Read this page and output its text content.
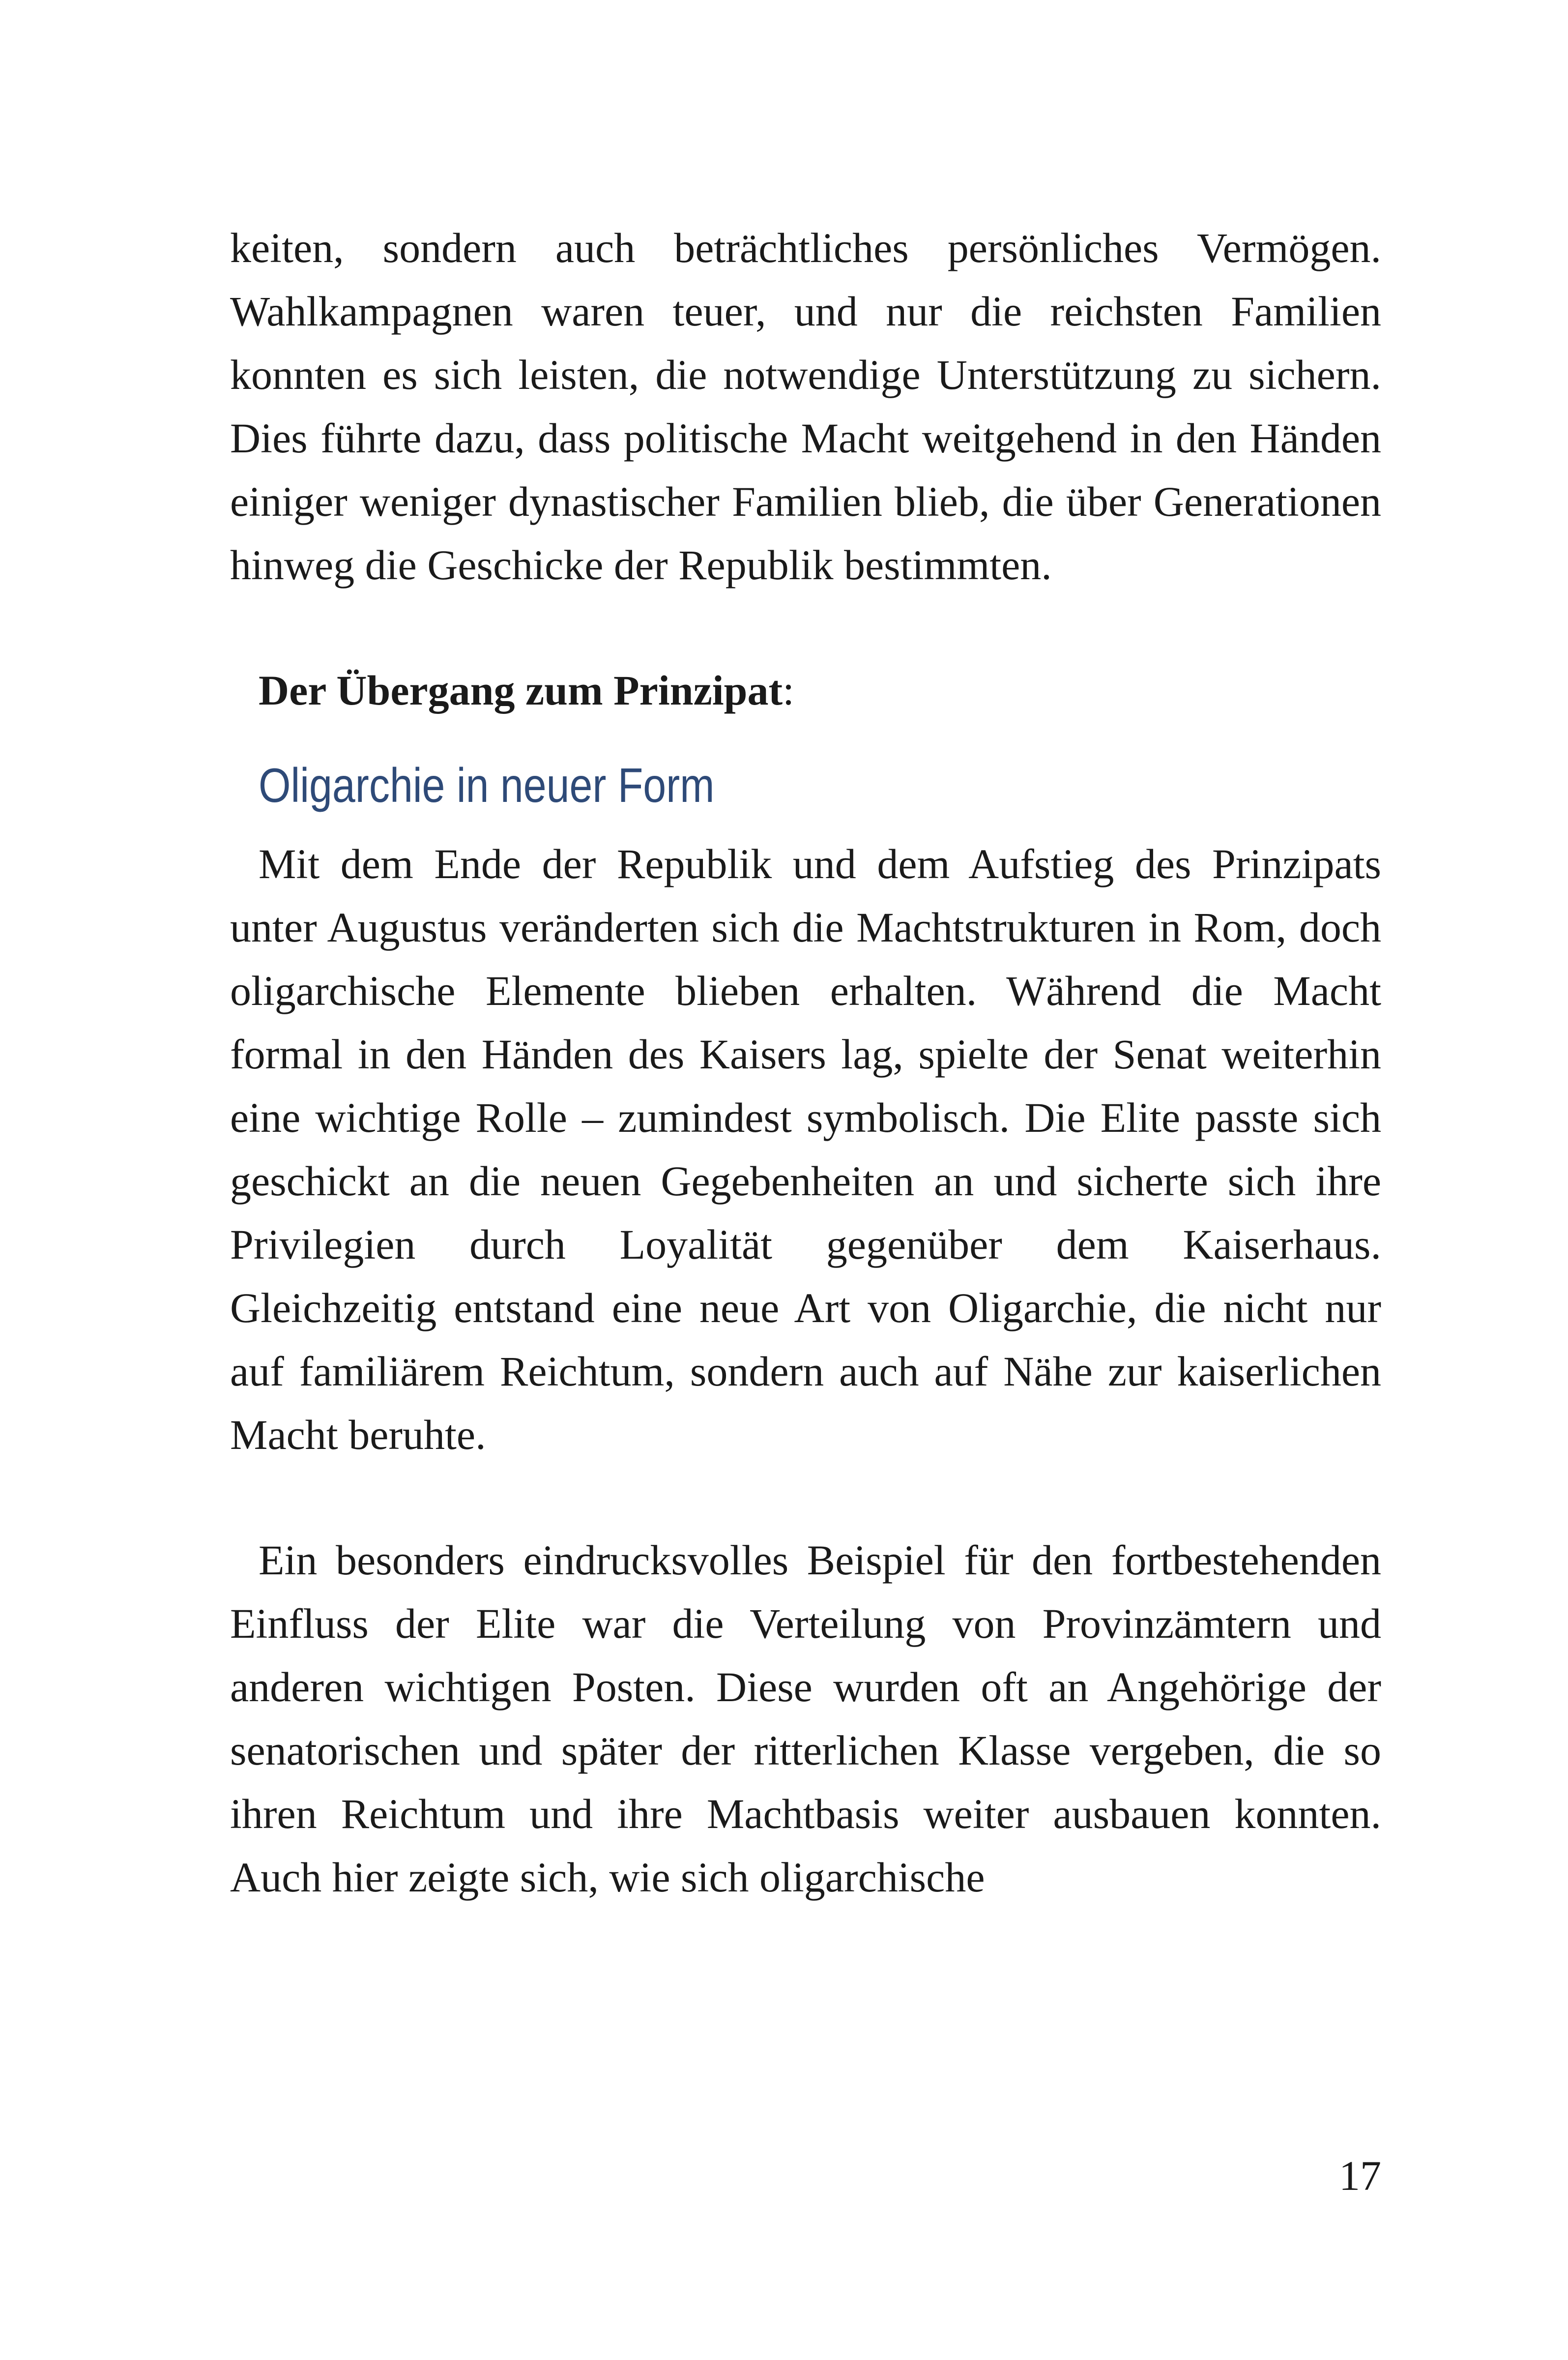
keiten, sondern auch beträchtliches persönliches Vermögen. Wahlkampagnen waren teuer, und nur die reichsten Familien konnten es sich leisten, die notwendige Unterstützung zu sichern. Dies führte dazu, dass politische Macht weitgehend in den Händen einiger weniger dynastischer Familien blieb, die über Generationen hinweg die Geschicke der Republik bestimmten.

Der Übergang zum Prinzipat:

Oligarchie in neuer Form

Mit dem Ende der Republik und dem Aufstieg des Prinzipats unter Augustus veränderten sich die Machtstrukturen in Rom, doch oligarchische Elemente blieben erhalten. Während die Macht formal in den Händen des Kaisers lag, spielte der Senat weiterhin eine wichtige Rolle – zumindest symbolisch. Die Elite passte sich geschickt an die neuen Gegebenheiten an und sicherte sich ihre Privilegien durch Loyalität gegenüber dem Kaiserhaus. Gleichzeitig entstand eine neue Art von Oligarchie, die nicht nur auf familiärem Reichtum, sondern auch auf Nähe zur kaiserlichen Macht beruhte.

Ein besonders eindrucksvolles Beispiel für den fortbestehenden Einfluss der Elite war die Verteilung von Provinzämtern und anderen wichtigen Posten. Diese wurden oft an Angehörige der senatorischen und später der ritterlichen Klasse vergeben, die so ihren Reichtum und ihre Machtbasis weiter ausbauen konnten. Auch hier zeigte sich, wie sich oligarchische

17
